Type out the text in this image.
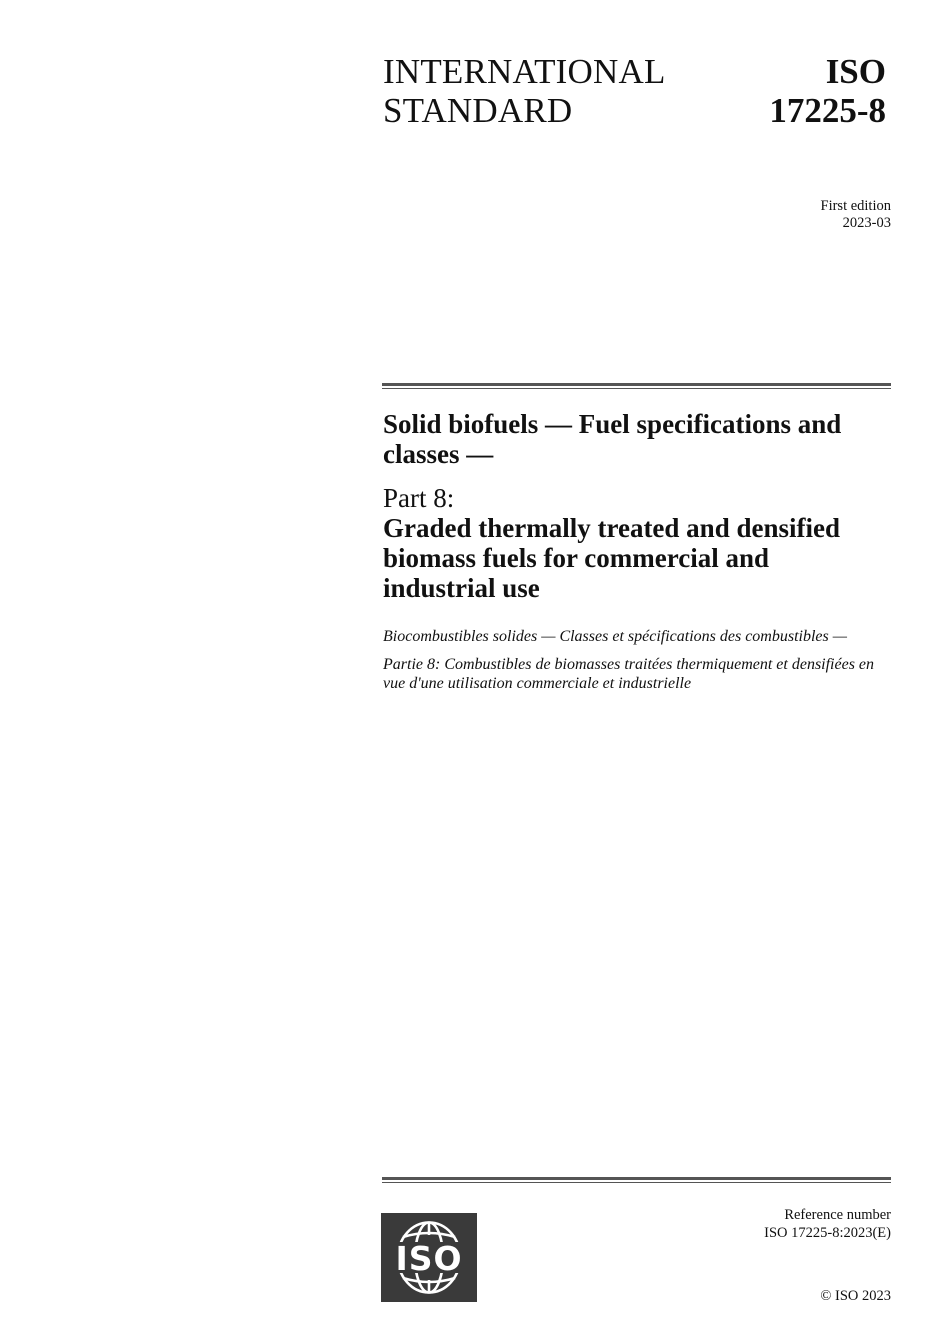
INTERNATIONAL
STANDARD
ISO
17225-8
First edition
2023-03

Solid biofuels — Fuel specifications and classes —

Part 8:

Graded thermally treated and densified biomass fuels for commercial and industrial use

Biocombustibles solides — Classes et spécifications des combustibles —

Partie 8: Combustibles de biomasses traitées thermiquement et densifiées en vue d'une utilisation commerciale et industrielle

ISO
Reference number
ISO 17225-8:2023(E)
© ISO 2023
